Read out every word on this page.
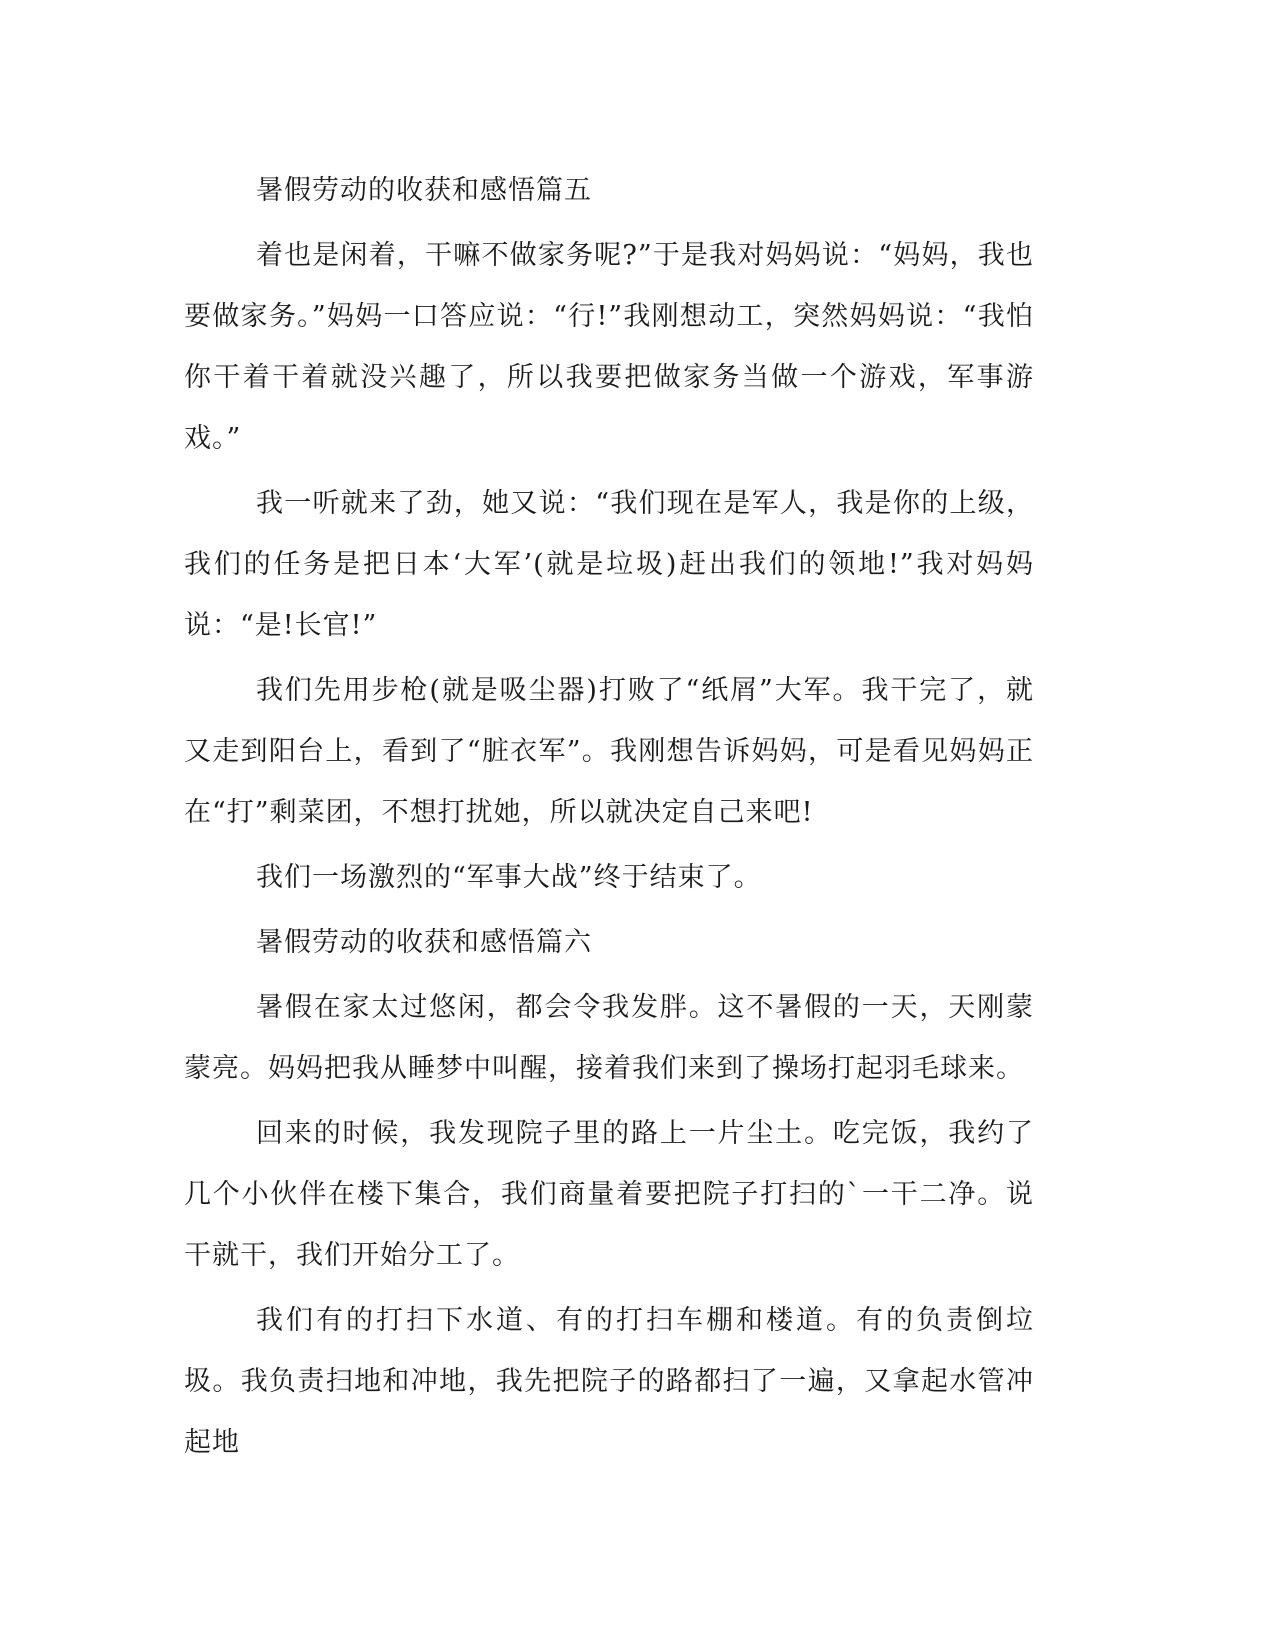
暑假劳动的收获和感悟篇五

着也是闲着，干嘛不做家务呢?”于是我对妈妈说：“妈妈，我也要做家务。”妈妈一口答应说：“行!”我刚想动工，突然妈妈说：“我怕你干着干着就没兴趣了，所以我要把做家务当做一个游戏，军事游戏。”

我一听就来了劲，她又说：“我们现在是军人，我是你的上级，我们的任务是把日本‘大军’(就是垃圾)赶出我们的领地!”我对妈妈说：“是!长官!”

我们先用步枪(就是吸尘器)打败了“纸屑”大军。我干完了，就又走到阳台上，看到了“脏衣军”。我刚想告诉妈妈，可是看见妈妈正在“打”剩菜团，不想打扰她，所以就决定自己来吧!

我们一场激烈的“军事大战”终于结束了。

暑假劳动的收获和感悟篇六

暑假在家太过悠闲，都会令我发胖。这不暑假的一天，天刚蒙蒙亮。妈妈把我从睡梦中叫醒，接着我们来到了操场打起羽毛球来。

回来的时候，我发现院子里的路上一片尘土。吃完饭，我约了几个小伙伴在楼下集合，我们商量着要把院子打扫的`一干二净。说干就干，我们开始分工了。

我们有的打扫下水道、有的打扫车棚和楼道。有的负责倒垃圾。我负责扫地和冲地，我先把院子的路都扫了一遍，又拿起水管冲起地
